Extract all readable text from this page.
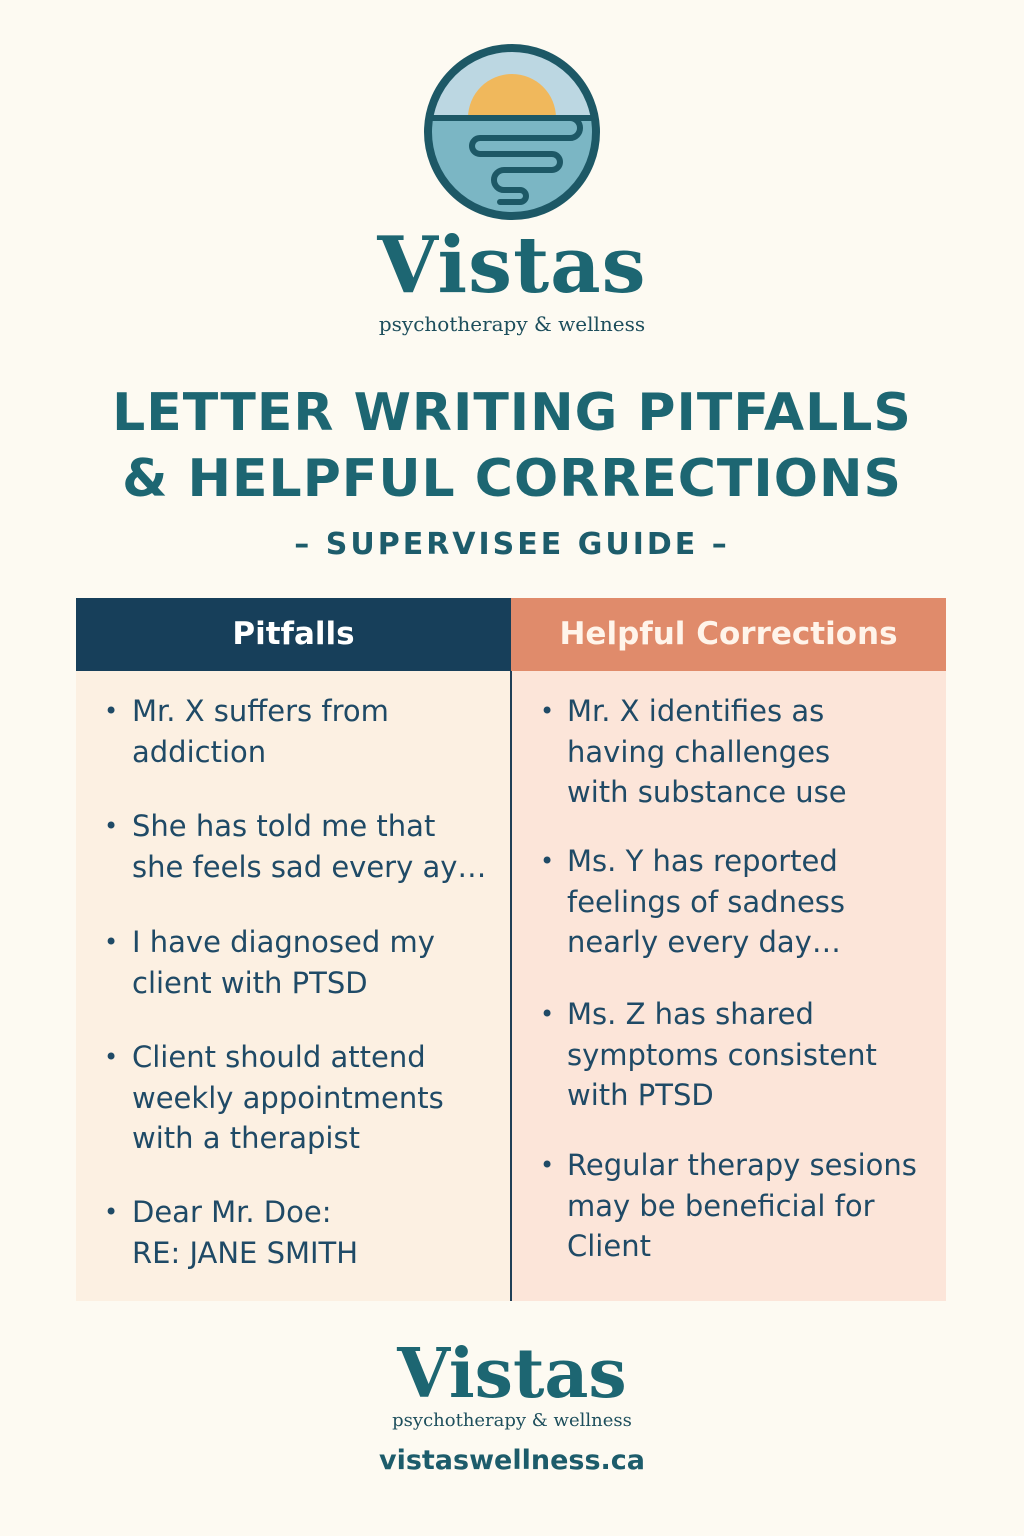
Vistas
psychotherapy & wellness
LETTER WRITING PITFALLS
& HELPFUL CORRECTIONS
– SUPERVISEE GUIDE –
Pitfalls	Helpful Corrections
• Mr. X suffers from
addiction
• She has told me that
she feels sad every ay…
• I have diagnosed my
client with PTSD
• Client should attend
weekly appointments
with a therapist
• Dear Mr. Doe:
RE: JANE SMITH
• Mr. X identifies as
having challenges
with substance use
• Ms. Y has reported
feelings of sadness
nearly every day…
• Ms. Z has shared
symptoms consistent
with PTSD
• Regular therapy sesions
may be beneficial for
Client
Vistas
psychotherapy & wellness
vistaswellness.ca
